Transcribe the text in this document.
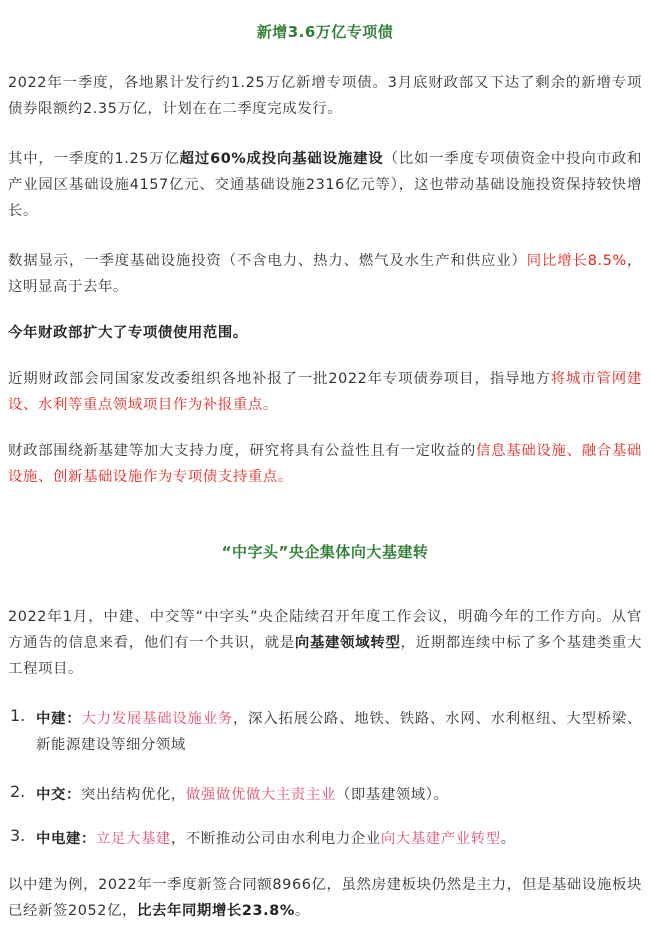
新增3.6万亿专项债

2022年一季度，各地累计发行约1.25万亿新增专项债。3月底财政部又下达了剩余的新增专项债券限额约2.35万亿，计划在在二季度完成发行。

其中，一季度的1.25万亿超过60%成投向基础设施建设（比如一季度专项债资金中投向市政和产业园区基础设施4157亿元、交通基础设施2316亿元等），这也带动基础设施投资保持较快增长。

数据显示，一季度基础设施投资（不含电力、热力、燃气及水生产和供应业）同比增长8.5%，这明显高于去年。

今年财政部扩大了专项债使用范围。

近期财政部会同国家发改委组织各地补报了一批2022年专项债券项目，指导地方将城市管网建设、水利等重点领域项目作为补报重点。

财政部围绕新基建等加大支持力度，研究将具有公益性且有一定收益的信息基础设施、融合基础设施、创新基础设施作为专项债支持重点。

“中字头”央企集体向大基建转

2022年1月，中建、中交等“中字头”央企陆续召开年度工作会议，明确今年的工作方向。从官方通告的信息来看，他们有一个共识，就是向基建领域转型，近期都连续中标了多个基建类重大工程项目。

1. 中建：大力发展基础设施业务，深入拓展公路、地铁、铁路、水网、水利枢纽、大型桥梁、新能源建设等细分领域

2. 中交：突出结构优化，做强做优做大主责主业（即基建领域）。

3. 中电建：立足大基建，不断推动公司由水利电力企业向大基建产业转型。

以中建为例，2022年一季度新签合同额8966亿，虽然房建板块仍然是主力，但是基础设施板块已经新签2052亿，比去年同期增长23.8%。
